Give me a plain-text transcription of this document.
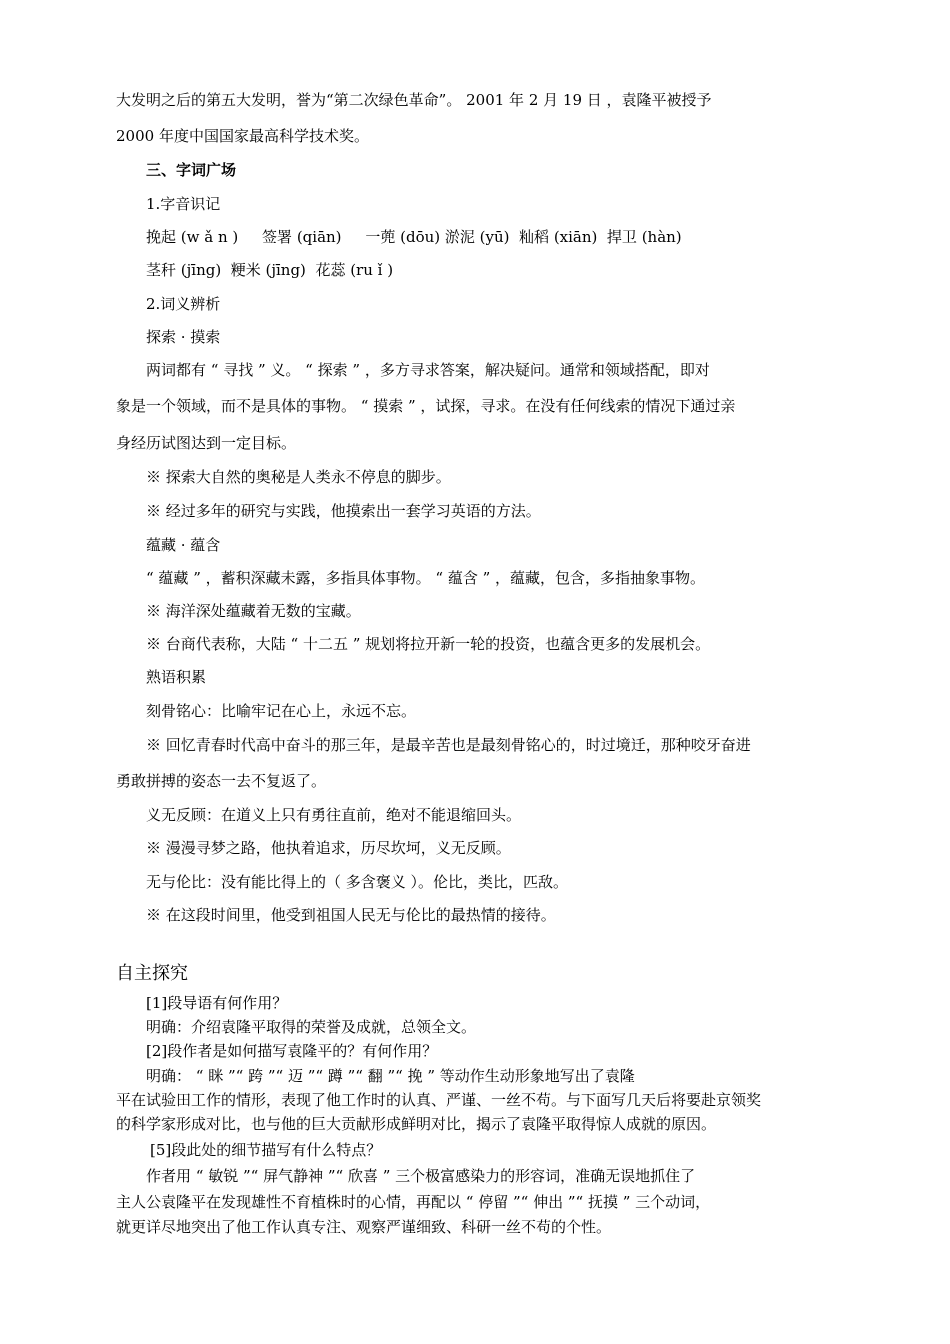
大发明之后的第五大发明，誉为“第二次绿色革命”。 2001 年 2 月 19 日 ，袁隆平被授予
2000 年度中国国家最高科学技术奖。
三、字词广场
1.字音识记
挽起 (w ǎ n )     签署 (qiān)     一蔸 (dōu) 淤泥 (yū)  籼稻 (xiān)  捍卫 (hàn)
茎秆 (jīng)  粳米 (jīng)  花蕊 (ru ǐ )
2.词义辨析
探索 · 摸索
两词都有 “ 寻找 ” 义。 “ 探索 ” ，多方寻求答案，解决疑问。通常和领域搭配，即对
象是一个领域，而不是具体的事物。 “ 摸索 ” ，试探，寻求。在没有任何线索的情况下通过亲
身经历试图达到一定目标。
※ 探索大自然的奥秘是人类永不停息的脚步。
※ 经过多年的研究与实践，他摸索出一套学习英语的方法。
蕴藏 · 蕴含
“ 蕴藏 ” ，蓄积深藏未露，多指具体事物。 “ 蕴含 ” ，蕴藏，包含，多指抽象事物。
※ 海洋深处蕴藏着无数的宝藏。
※ 台商代表称，大陆 “ 十二五 ” 规划将拉开新一轮的投资，也蕴含更多的发展机会。
熟语积累
刻骨铭心：比喻牢记在心上，永远不忘。
※ 回忆青春时代高中奋斗的那三年，是最辛苦也是最刻骨铭心的，时过境迁，那种咬牙奋进
勇敢拼搏的姿态一去不复返了。
义无反顾：在道义上只有勇往直前，绝对不能退缩回头。
※ 漫漫寻梦之路，他执着追求，历尽坎坷，义无反顾。
无与伦比：没有能比得上的（ 多含褒义 ）。伦比，类比，匹敌。
※ 在这段时间里，他受到祖国人民无与伦比的最热情的接待。
自主探究
[1]段导语有何作用？
明确：介绍袁隆平取得的荣誉及成就，总领全文。
[2]段作者是如何描写袁隆平的？有何作用？
明确： “ 眯 ”“ 跨 ”“ 迈 ”“ 蹲 ”“ 翻 ”“ 挽 ” 等动作生动形象地写出了袁隆
平在试验田工作的情形，表现了他工作时的认真、严谨、一丝不苟。与下面写几天后将要赴京领奖
的科学家形成对比，也与他的巨大贡献形成鲜明对比，揭示了袁隆平取得惊人成就的原因。
[5]段此处的细节描写有什么特点？
作者用 “ 敏锐 ”“ 屏气静神 ”“ 欣喜 ” 三个极富感染力的形容词，准确无误地抓住了
主人公袁隆平在发现雄性不育植株时的心情，再配以 “ 停留 ”“ 伸出 ”“ 抚摸 ” 三个动词，
就更详尽地突出了他工作认真专注、观察严谨细致、科研一丝不苟的个性。
